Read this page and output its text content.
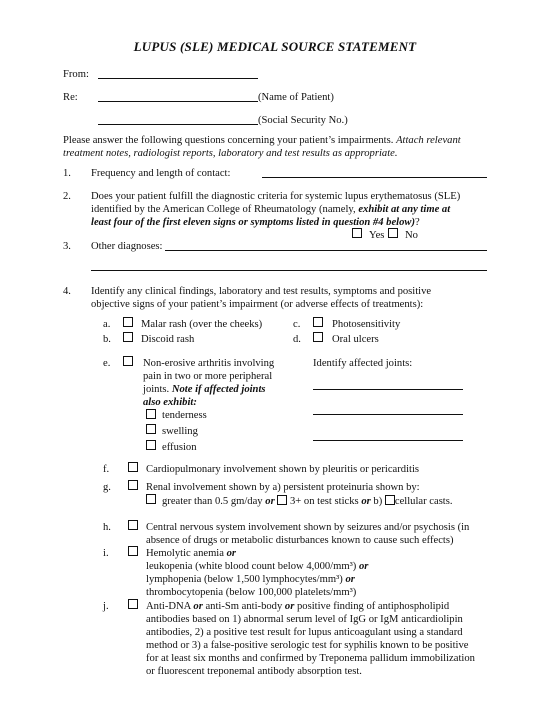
LUPUS (SLE) MEDICAL SOURCE STATEMENT
From:
Re:	(Name of Patient)
(Social Security No.)
Please answer the following questions concerning your patient’s impairments. Attach relevant treatment notes, radiologist reports, laboratory and test results as appropriate.
1. Frequency and length of contact:
2. Does your patient fulfill the diagnostic criteria for systemic lupus erythematosus (SLE)
identified by the American College of Rheumatology (namely, exhibit at any time at
least four of the first eleven signs or symptoms listed in question #4 below)?
Yes No
3. Other diagnoses:
4. Identify any clinical findings, laboratory and test results, symptoms and positive
objective signs of your patient’s impairment (or adverse effects of treatments):
a.	Malar rash (over the cheeks)	c.	Photosensitivity
b.	Discoid rash	d.	Oral ulcers
e.	Non-erosive arthritis involving
pain in two or more peripheral
joints. Note if affected joints
also exhibit:
tenderness
swelling
effusion
Identify affected joints:
f.	Cardiopulmonary involvement shown by pleuritis or pericarditis
g.	Renal involvement shown by a) persistent proteinuria shown by:
greater than 0.5 gm/day or 3+ on test sticks or b) cellular casts.
h.	Central nervous system involvement shown by seizures and/or psychosis (in
absence of drugs or metabolic disturbances known to cause such effects)
i.	Hemolytic anemia or
leukopenia (white blood count below 4,000/mm³) or
lymphopenia (below 1,500 lymphocytes/mm³) or
thrombocytopenia (below 100,000 platelets/mm³)
j.	Anti-DNA or anti-Sm anti-body or positive finding of antiphospholipid
antibodies based on 1) abnormal serum level of IgG or IgM anticardiolipin
antibodies, 2) a positive test result for lupus anticoagulant using a standard
method or 3) a false-positive serologic test for syphilis known to be positive
for at least six months and confirmed by Treponema pallidum immobilization
or fluorescent treponemal antibody absorption test.
